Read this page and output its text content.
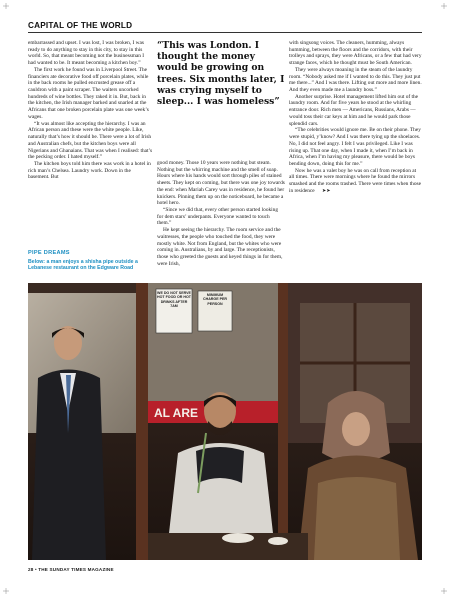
CAPITAL OF THE WORLD

embarrassed and upset. I was lost, I was broken, I was ready to do anything to stay in this city, to stay in this world. So, that meant becoming not the businessman I had wanted to be. It meant becoming a kitchen boy.”

The first work he found was in Liverpool Street. The financiers ate decorative food off porcelain plates, while in the back rooms he pulled encrusted grease off a cauldron with a paint scraper. The waiters uncorked hundreds of wine bottles. They raked it in. But, back in the kitchen, the Irish manager barked and snarled at the Africans that one broken porcelain plate was one week’s wages.

“It was almost like accepting the hierarchy. I was an African person and these were the white people. Like, naturally that’s how it should be. There were a lot of Irish and Australian chefs, but the kitchen boys were all Nigerians and Ghanaians. That was when I realised: that’s the pecking order. I hated myself.”

The kitchen boys told him there was work in a hotel in rich man’s Chelsea. Laundry work. Down in the basement. But

PIPE DREAMS
Below: a man enjoys a shisha pipe outside a Lebanese restaurant on the Edgware Road
“This was London. I thought the money would be growing on trees. Six months later, I was crying myself to sleep... I was homeless”

good money. Those 10 years were nothing but steam. Nothing but the whirring machine and the smell of soap. Hours where his hands would sort through piles of stained sheets. They kept on coming, but there was one joy towards the end: when Mariah Carey was in residence, he found her knickers. Pinning them up on the noticeboard, he became a hotel hero.

“Since we did that, every other person started looking for dem stars’ underpants. Everyone wanted to touch them.”

He kept seeing the hierarchy. The room service and the waitresses, the people who touched the food, they were mostly white. Not from England, but the whites who were coming in. Australians, by and large. The receptionists, those who greeted the guests and keyed things in for them, were Irish,

with singsong voices. The cleaners, humming, always humming, between the floors and the corridors, with their trolleys and sprays, they were Africans, or a few that had very strange faces, which he thought must be South American.

They were always moaning in the steam of the laundry room. “Nobody asked me if I wanted to do this. They just put me there...” And I was there. Lifting out more and more linen. And they even made me a laundry boss.”

Another surprise. Hotel management lifted him out of the laundry room. And for five years he stood at the whirling entrance door. Rich men — Americans, Russians, Arabs — would toss their car keys at him and he would park those splendid cars.

“The celebrities would ignore me. Be on their phone. They were stupid, y’know? And I was there tying up the shoelaces. No, I did not feel angry. I felt I was privileged. Like I was rising up. That one day, when I made it, when I’m back in Africa, when I’m having my pleasure, there would be boys bending down, doing this for me.”

Now he was a valet boy he was on call from reception at all times. There were mornings where he found the mirrors smashed and the rooms trashed. There were times when those in residence ➤➤

AL ARE
WE DO NOT SERVE HOT FOOD OR HOT DRINKS AFTER 7AM
MINIMUM CHARGE PER PERSON
28 • THE SUNDAY TIMES MAGAZINE
